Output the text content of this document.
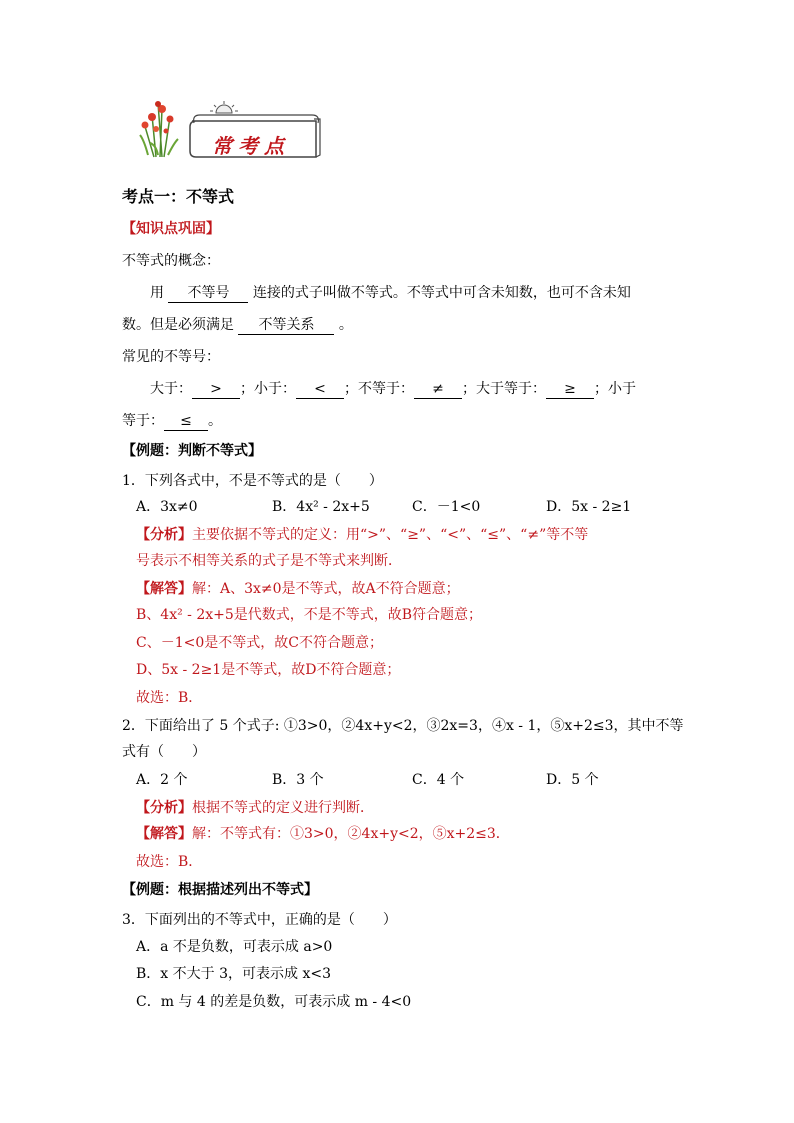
常考点
考点一：不等式
【知识点巩固】
不等式的概念：
用 不等号 连接的式子叫做不等式。不等式中可含未知数，也可不含未知
数。但是必须满足 不等关系 。
常见的不等号：
大于： > ；小于： < ；不等于： ≠ ；大于等于： ≥ ；小于
等于： ≤ 。
【例题：判断不等式】
1．下列各式中，不是不等式的是（　　）
A．3x≠0	B．4x² - 2x+5	C．－1<0	D．5x - 2≥1
【分析】主要依据不等式的定义：用“>”、“≥”、“<”、“≤”、“≠”等不等
号表示不相等关系的式子是不等式来判断．
【解答】解：A、3x≠0是不等式，故A不符合题意；
B、4x² - 2x+5是代数式，不是不等式，故B符合题意；
C、－1<0是不等式，故C不符合题意；
D、5x - 2≥1是不等式，故D不符合题意；
故选：B．
2．下面给出了 5 个式子: ①3>0，②4x+y<2，③2x=3，④x - 1，⑤x+2≤3，其中不等
式有（　　）
A．2 个	B．3 个	C．4 个	D．5 个
【分析】根据不等式的定义进行判断．
【解答】解：不等式有：①3>0，②4x+y<2，⑤x+2≤3．
故选：B．
【例题：根据描述列出不等式】
3．下面列出的不等式中，正确的是（　　）
A．a 不是负数，可表示成 a>0
B．x 不大于 3，可表示成 x<3
C．m 与 4 的差是负数，可表示成 m - 4<0
